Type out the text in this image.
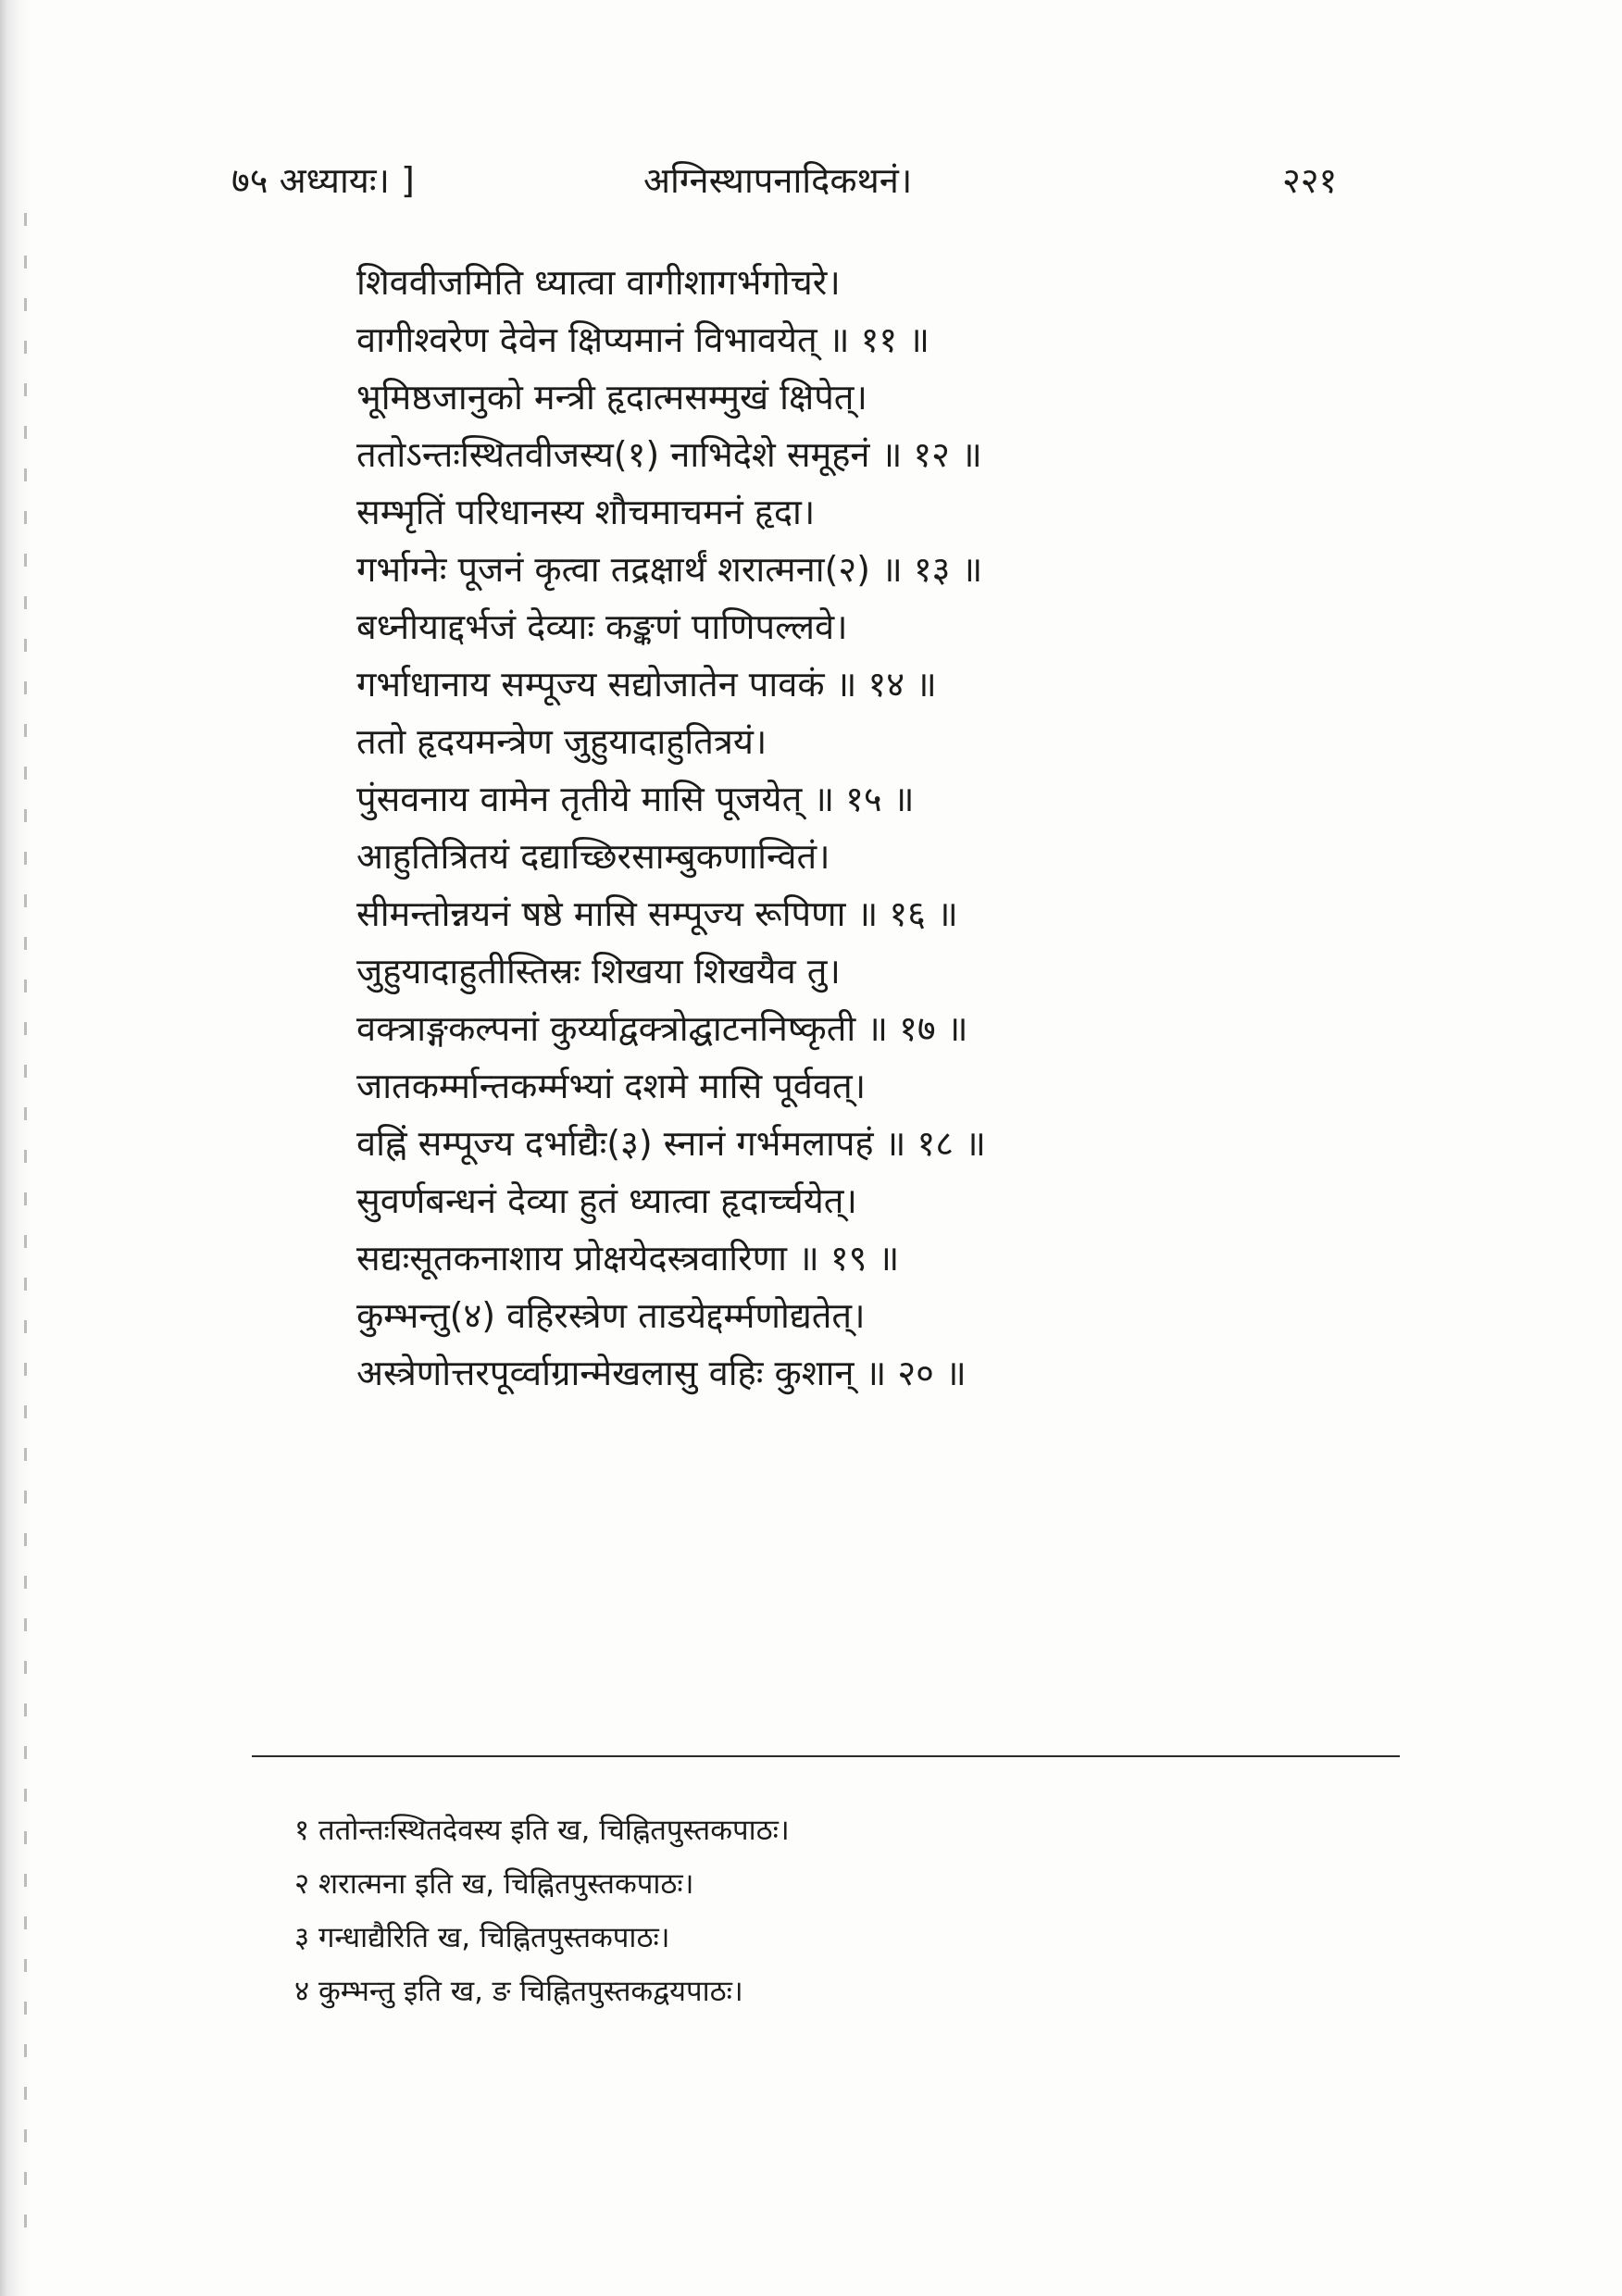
७५ अध्यायः। ]	अग्निस्थापनादिकथनं।	२२१
शिववीजमिति ध्यात्वा वागीशागर्भगोचरे।
वागीश्वरेण देवेन क्षिप्यमानं विभावयेत् ॥ ११ ॥
भूमिष्ठजानुको मन्त्री हृदात्मसम्मुखं क्षिपेत्।
ततोऽन्तःस्थितवीजस्य(१) नाभिदेशे समूहनं ॥ १२ ॥
सम्भृतिं परिधानस्य शौचमाचमनं हृदा।
गर्भाग्नेः पूजनं कृत्वा तद्रक्षार्थं शरात्मना(२) ॥ १३ ॥
बध्नीयाद्दर्भजं देव्याः कङ्कणं पाणिपल्लवे।
गर्भाधानाय सम्पूज्य सद्योजातेन पावकं ॥ १४ ॥
ततो हृदयमन्त्रेण जुहुयादाहुतित्रयं।
पुंसवनाय वामेन तृतीये मासि पूजयेत् ॥ १५ ॥
आहुतित्रितयं दद्याच्छिरसाम्बुकणान्वितं।
सीमन्तोन्नयनं षष्ठे मासि सम्पूज्य रूपिणा ॥ १६ ॥
जुहुयादाहुतीस्तिस्रः शिखया शिखयैव तु।
वक्त्राङ्गकल्पनां कुर्य्याद्वक्त्रोद्घाटननिष्कृती ॥ १७ ॥
जातकर्म्मान्तकर्म्मभ्यां दशमे मासि पूर्ववत्।
वह्निं सम्पूज्य दर्भाद्यैः(३) स्नानं गर्भमलापहं ॥ १८ ॥
सुवर्णबन्धनं देव्या हुतं ध्यात्वा हृदार्च्चयेत्।
सद्यःसूतकनाशाय प्रोक्षयेदस्त्रवारिणा ॥ १९ ॥
कुम्भन्तु(४) वहिरस्त्रेण ताडयेद्दर्म्मणोद्यतेत्।
अस्त्रेणोत्तरपूर्व्वाग्रान्मेखलासु वहिः कुशान् ॥ २० ॥
१ ततोन्तःस्थितदेवस्य इति ख, चिह्नितपुस्तकपाठः।
२ शरात्मना इति ख, चिह्नितपुस्तकपाठः।
३ गन्धाद्यैरिति ख, चिह्नितपुस्तकपाठः।
४ कुम्भन्तु इति ख, ङ चिह्नितपुस्तकद्वयपाठः।
